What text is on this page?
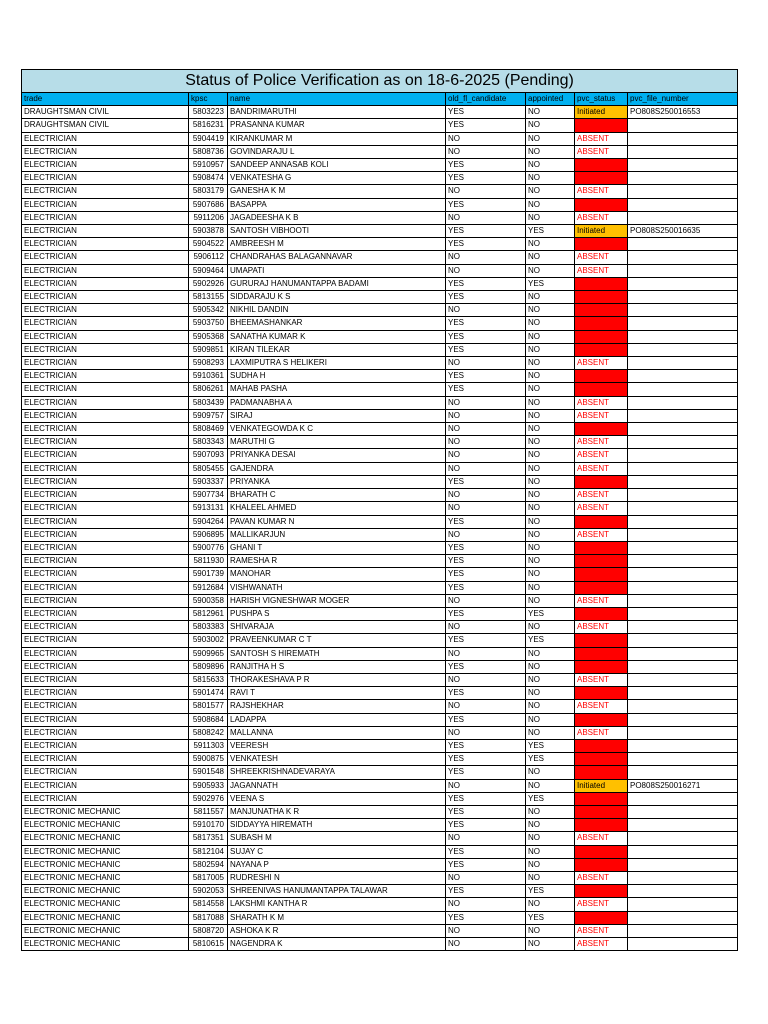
Status of Police Verification as on 18-6-2025 (Pending)						
trade	kpsc	name	old_fl_candidate	appointed	pvc_status	pvc_file_number
DRAUGHTSMAN CIVIL	5803223	BANDRIMARUTHI	YES	NO	Initiated	PO808S250016553
DRAUGHTSMAN CIVIL	5816231	PRASANNA KUMAR	YES	NO	NULL	
ELECTRICIAN	5904419	KIRANKUMAR M	NO	NO	ABSENT	
ELECTRICIAN	5808736	GOVINDARAJU L	NO	NO	ABSENT	
ELECTRICIAN	5910957	SANDEEP ANNASAB KOLI	YES	NO	NULL	
ELECTRICIAN	5908474	VENKATESHA G	YES	NO	NULL	
ELECTRICIAN	5803179	GANESHA K M	NO	NO	ABSENT	
ELECTRICIAN	5907686	BASAPPA	YES	NO	NULL	
ELECTRICIAN	5911206	JAGADEESHA K B	NO	NO	ABSENT	
ELECTRICIAN	5903878	SANTOSH VIBHOOTI	YES	YES	Initiated	PO808S250016635
ELECTRICIAN	5904522	AMBREESH M	YES	NO	NULL	
ELECTRICIAN	5906112	CHANDRAHAS BALAGANNAVAR	NO	NO	ABSENT	
ELECTRICIAN	5909464	UMAPATI	NO	NO	ABSENT	
ELECTRICIAN	5902926	GURURAJ HANUMANTAPPA BADAMI	YES	YES	NULL	
ELECTRICIAN	5813155	SIDDARAJU K S	YES	NO	NULL	
ELECTRICIAN	5905342	NIKHIL DANDIN	NO	NO	NULL	
ELECTRICIAN	5903750	BHEEMASHANKAR	YES	NO	NULL	
ELECTRICIAN	5905368	SANATHA KUMAR K	YES	NO	NULL	
ELECTRICIAN	5909851	KIRAN TILEKAR	YES	NO	NULL	
ELECTRICIAN	5908293	LAXMIPUTRA S HELIKERI	NO	NO	ABSENT	
ELECTRICIAN	5910361	SUDHA H	YES	NO	NULL	
ELECTRICIAN	5806261	MAHAB PASHA	YES	NO	NULL	
ELECTRICIAN	5803439	PADMANABHA A	NO	NO	ABSENT	
ELECTRICIAN	5909757	SIRAJ	NO	NO	ABSENT	
ELECTRICIAN	5808469	VENKATEGOWDA K C	NO	NO	NULL	
ELECTRICIAN	5803343	MARUTHI G	NO	NO	ABSENT	
ELECTRICIAN	5907093	PRIYANKA DESAI	NO	NO	ABSENT	
ELECTRICIAN	5805455	GAJENDRA	NO	NO	ABSENT	
ELECTRICIAN	5903337	PRIYANKA	YES	NO	NULL	
ELECTRICIAN	5907734	BHARATH C	NO	NO	ABSENT	
ELECTRICIAN	5913131	KHALEEL AHMED	NO	NO	ABSENT	
ELECTRICIAN	5904264	PAVAN KUMAR N	YES	NO	NULL	
ELECTRICIAN	5906895	MALLIKARJUN	NO	NO	ABSENT	
ELECTRICIAN	5900776	GHANI T	YES	NO	NULL	
ELECTRICIAN	5811930	RAMESHA R	YES	NO	NULL	
ELECTRICIAN	5901739	MANOHAR	YES	NO	NULL	
ELECTRICIAN	5912684	VISHWANATH	YES	NO	NULL	
ELECTRICIAN	5900358	HARISH VIGNESHWAR MOGER	NO	NO	ABSENT	
ELECTRICIAN	5812961	PUSHPA S	YES	YES	NULL	
ELECTRICIAN	5803383	SHIVARAJA	NO	NO	ABSENT	
ELECTRICIAN	5903002	PRAVEENKUMAR C T	YES	YES	NULL	
ELECTRICIAN	5909965	SANTOSH S HIREMATH	NO	NO	NULL	
ELECTRICIAN	5809896	RANJITHA H S	YES	NO	NULL	
ELECTRICIAN	5815633	THORAKESHAVA P R	NO	NO	ABSENT	
ELECTRICIAN	5901474	RAVI T	YES	NO	NULL	
ELECTRICIAN	5801577	RAJSHEKHAR	NO	NO	ABSENT	
ELECTRICIAN	5908684	LADAPPA	YES	NO	NULL	
ELECTRICIAN	5808242	MALLANNA	NO	NO	ABSENT	
ELECTRICIAN	5911303	VEERESH	YES	YES	NULL	
ELECTRICIAN	5900875	VENKATESH	YES	YES	NULL	
ELECTRICIAN	5901548	SHREEKRISHNADEVARAYA	YES	NO	NULL	
ELECTRICIAN	5905933	JAGANNATH	NO	NO	Initiated	PO808S250016271
ELECTRICIAN	5902976	VEENA S	YES	YES	NULL	
ELECTRONIC MECHANIC	5811557	MANJUNATHA K R	YES	NO	NULL	
ELECTRONIC MECHANIC	5910170	SIDDAYYA HIREMATH	YES	NO	NULL	
ELECTRONIC MECHANIC	5817351	SUBASH M	NO	NO	ABSENT	
ELECTRONIC MECHANIC	5812104	SUJAY C	YES	NO	NULL	
ELECTRONIC MECHANIC	5802594	NAYANA P	YES	NO	NULL	
ELECTRONIC MECHANIC	5817005	RUDRESHI N	NO	NO	ABSENT	
ELECTRONIC MECHANIC	5902053	SHREENIVAS HANUMANTAPPA TALAWAR	YES	YES	NULL	
ELECTRONIC MECHANIC	5814558	LAKSHMI KANTHA R	NO	NO	ABSENT	
ELECTRONIC MECHANIC	5817088	SHARATH K M	YES	YES	NULL	
ELECTRONIC MECHANIC	5808720	ASHOKA K R	NO	NO	ABSENT	
ELECTRONIC MECHANIC	5810615	NAGENDRA K	NO	NO	ABSENT	
